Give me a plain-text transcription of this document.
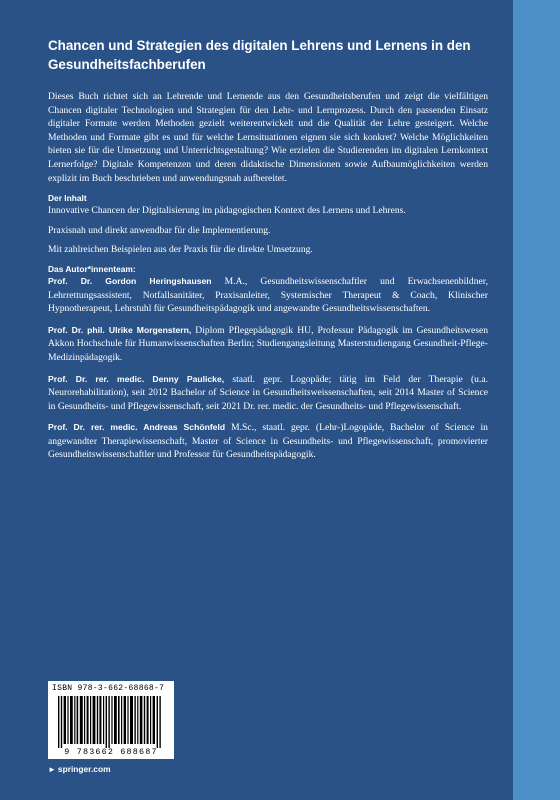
Chancen und Strategien des digitalen Lehrens und Lernens in den Gesundheitsfachberufen

Dieses Buch richtet sich an Lehrende und Lernende aus den Gesundheitsberufen und zeigt die vielfältigen Chancen digitaler Technologien und Strategien für den Lehr- und Lernprozess. Durch den passenden Einsatz digitaler Formate werden Methoden gezielt weiterentwickelt und die Qualität der Lehre gesteigert. Welche Methoden und Formate gibt es und für welche Lernsituationen eignen sie sich konkret? Welche Möglichkeiten bieten sie für die Umsetzung und Unterrichtsgestaltung? Wie erzielen die Studierenden im digitalen Lernkontext Lernerfolge? Digitale Kompetenzen und deren didaktische Dimensionen sowie Aufbaumöglichkeiten werden explizit im Buch beschrieben und anwendungsnah aufbereitet.

Der Inhalt

Innovative Chancen der Digitalisierung im pädagogischen Kontext des Lernens und Lehrens.

Praxisnah und direkt anwendbar für die Implementierung.

Mit zahlreichen Beispielen aus der Praxis für die direkte Umsetzung.

Das Autor*innenteam:

Prof. Dr. Gordon Heringshausen M.A., Gesundheitswissenschaftler und Erwachsenenbildner, Lehrrettungsassistent, Notfallsanitäter, Praxisanleiter, Systemischer Therapeut & Coach, Klinischer Hypnotherapeut, Lehrstuhl für Gesundheitspädagogik und angewandte Gesundheitswissenschaften.

Prof. Dr. phil. Ulrike Morgenstern, Diplom Pflegepädagogik HU, Professur Pädagogik im Gesundheitswesen Akkon Hochschule für Humanwissenschaften Berlin; Studiengangsleitung Masterstudiengang Gesundheit-Pflege-Medizinpädagogik.

Prof. Dr. rer. medic. Denny Paulicke, staatl. gepr. Logopäde; tätig im Feld der Therapie (u.a. Neurorehabilitation), seit 2012 Bachelor of Science in Gesundheitsweissenschaften, seit 2014 Master of Science in Gesundheits- und Pflegewissenschaft, seit 2021 Dr. rer. medic. der Gesundheits- und Pflegewissenschaft.

Prof. Dr. rer. medic. Andreas Schönfeld M.Sc., staatl. gepr. (Lehr-)Logopäde, Bachelor of Science in angewandter Therapiewissenschaft, Master of Science in Gesundheits- und Pflegewissenschaft, promovierter Gesundheitswissenschaftler und Professor für Gesundheitspädagogik.

ISBN 978-3-662-68868-7
9 783662 688687
► springer.com
